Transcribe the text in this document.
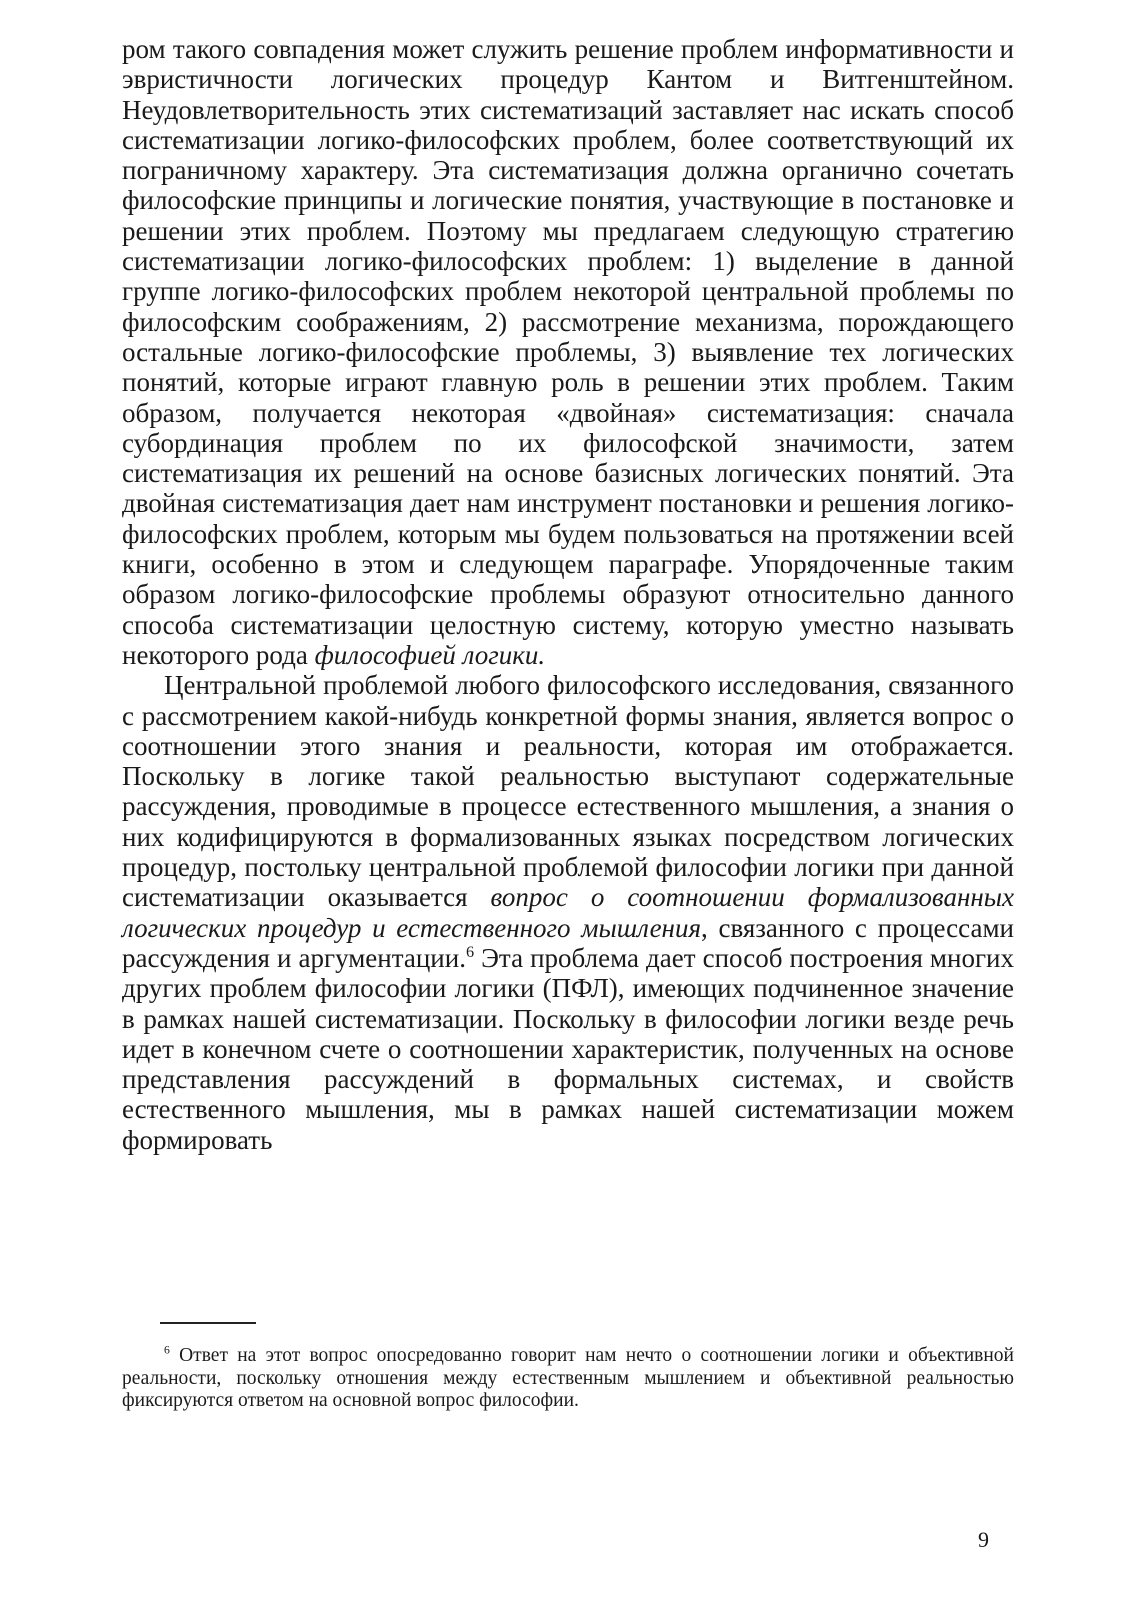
ром такого совпадения может служить решение проблем информативности и эвристичности логических процедур Кантом и Витгенштейном. Неудовлетворительность этих систематизаций заставляет нас искать способ систематизации логико-философских проблем, более соответствующий их пограничному характеру. Эта систематизация должна органично сочетать философские принципы и логические понятия, участвующие в постановке и решении этих проблем. Поэтому мы предлагаем следующую стратегию систематизации логико-философских проблем: 1) выделение в данной группе логико-философских проблем некоторой центральной проблемы по философским соображениям, 2) рассмотрение механизма, порождающего остальные логико-философские проблемы, 3) выявление тех логических понятий, которые играют главную роль в решении этих проблем. Таким образом, получается некоторая «двойная» систематизация: сначала субординация проблем по их философской значимости, затем систематизация их решений на основе базисных логических понятий. Эта двойная систематизация дает нам инструмент постановки и решения логико-философских проблем, которым мы будем пользоваться на протяжении всей книги, особенно в этом и следующем параграфе. Упорядоченные таким образом логико-философские проблемы образуют относительно данного способа систематизации целостную систему, которую уместно называть некоторого рода философией логики.

Центральной проблемой любого философского исследования, связанного с рассмотрением какой-нибудь конкретной формы знания, является вопрос о соотношении этого знания и реальности, которая им отображается. Поскольку в логике такой реальностью выступают содержательные рассуждения, проводимые в процессе естественного мышления, а знания о них кодифицируются в формализованных языках посредством логических процедур, постольку центральной проблемой философии логики при данной систематизации оказывается вопрос о соотношении формализованных логических процедур и естественного мышления, связанного с процессами рассуждения и аргументации.$^6$ Эта проблема дает способ построения многих других проблем философии логики (ПФЛ), имеющих подчиненное значение в рамках нашей систематизации. Поскольку в философии логики везде речь идет в конечном счете о соотношении характеристик, полученных на основе представления рассуждений в формальных системах, и свойств естественного мышления, мы в рамках нашей систематизации можем формировать

$^6$ Ответ на этот вопрос опосредованно говорит нам нечто о соотношении логики и объективной реальности, поскольку отношения между естественным мышлением и объективной реальностью фиксируются ответом на основной вопрос философии.

9
